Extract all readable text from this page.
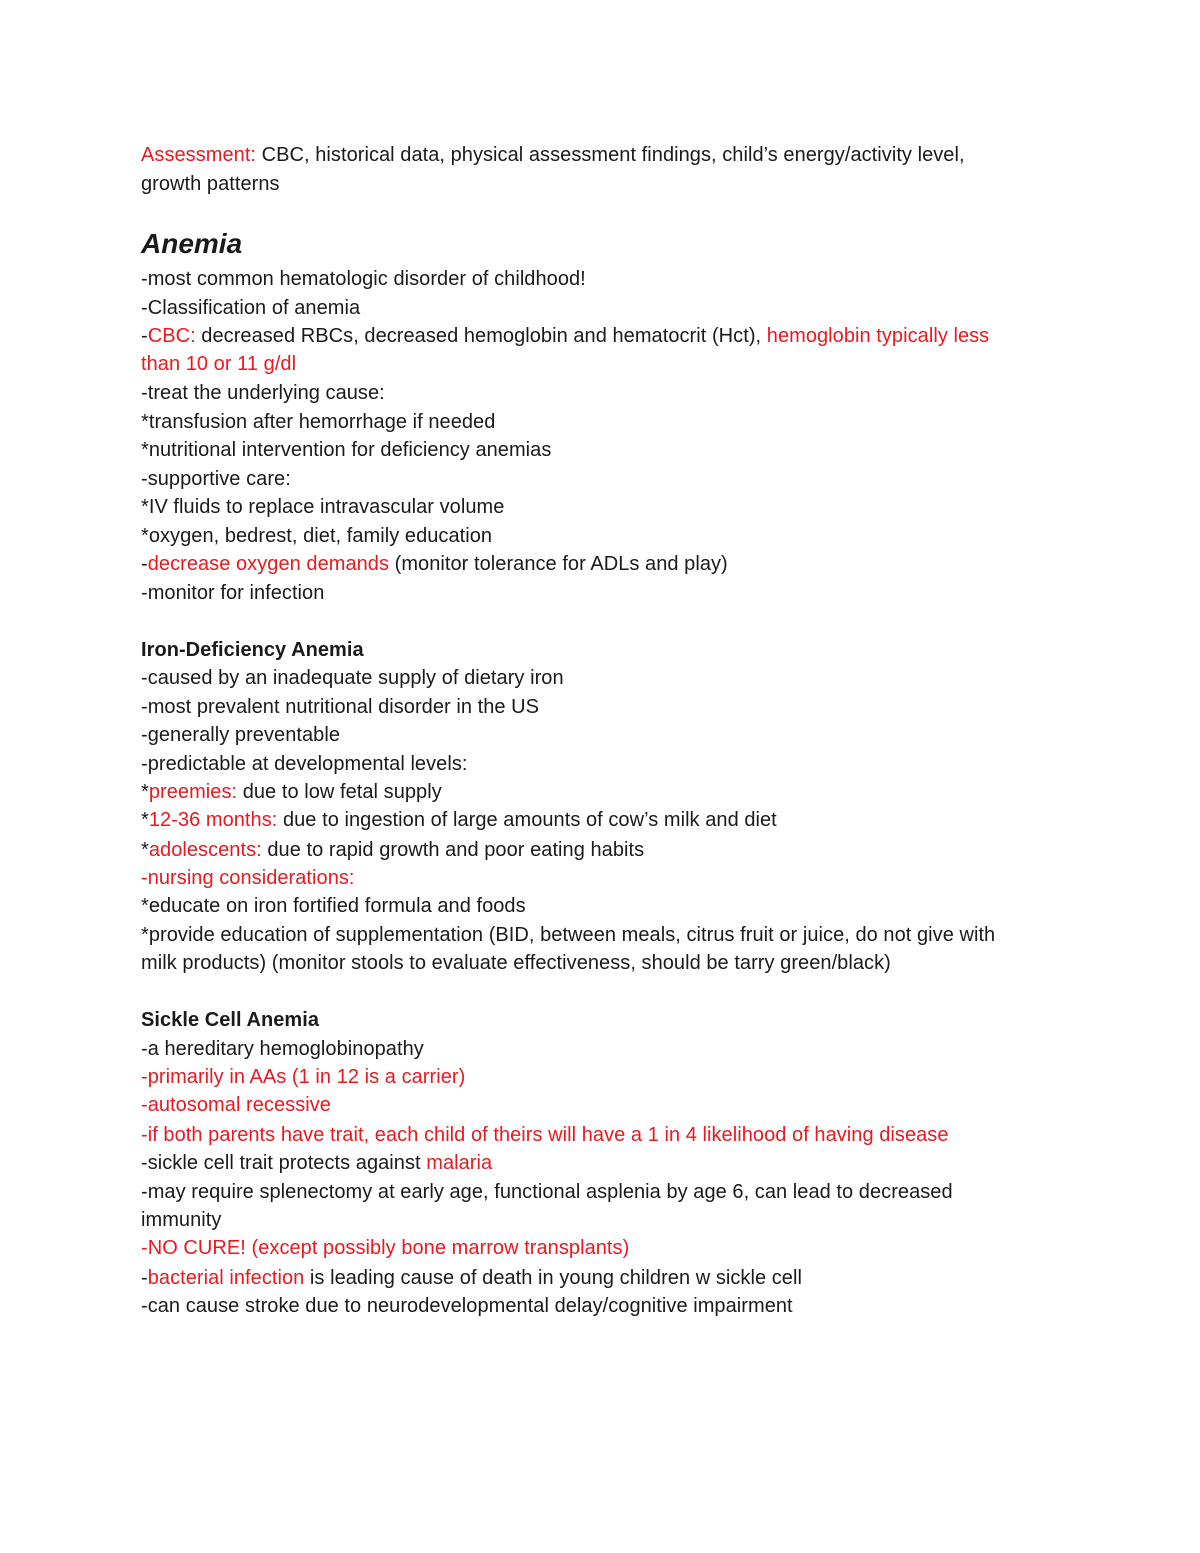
Assessment: CBC, historical data, physical assessment findings, child’s energy/activity level,
growth patterns
Anemia
-most common hematologic disorder of childhood!
-Classification of anemia
-CBC: decreased RBCs, decreased hemoglobin and hematocrit (Hct), hemoglobin typically less
than 10 or 11 g/dl
-treat the underlying cause:
*transfusion after hemorrhage if needed
*nutritional intervention for deficiency anemias
-supportive care:
*IV fluids to replace intravascular volume
*oxygen, bedrest, diet, family education
-decrease oxygen demands (monitor tolerance for ADLs and play)
-monitor for infection
Iron-Deficiency Anemia
-caused by an inadequate supply of dietary iron
-most prevalent nutritional disorder in the US
-generally preventable
-predictable at developmental levels:
*preemies: due to low fetal supply
*12-36 months: due to ingestion of large amounts of cow’s milk and diet
*adolescents: due to rapid growth and poor eating habits
-nursing considerations:
*educate on iron fortified formula and foods
*provide education of supplementation (BID, between meals, citrus fruit or juice, do not give with
milk products) (monitor stools to evaluate effectiveness, should be tarry green/black)
Sickle Cell Anemia
-a hereditary hemoglobinopathy
-primarily in AAs (1 in 12 is a carrier)
-autosomal recessive
-if both parents have trait, each child of theirs will have a 1 in 4 likelihood of having disease
-sickle cell trait protects against malaria
-may require splenectomy at early age, functional asplenia by age 6, can lead to decreased
immunity
-NO CURE! (except possibly bone marrow transplants)
-bacterial infection is leading cause of death in young children w sickle cell
-can cause stroke due to neurodevelopmental delay/cognitive impairment
